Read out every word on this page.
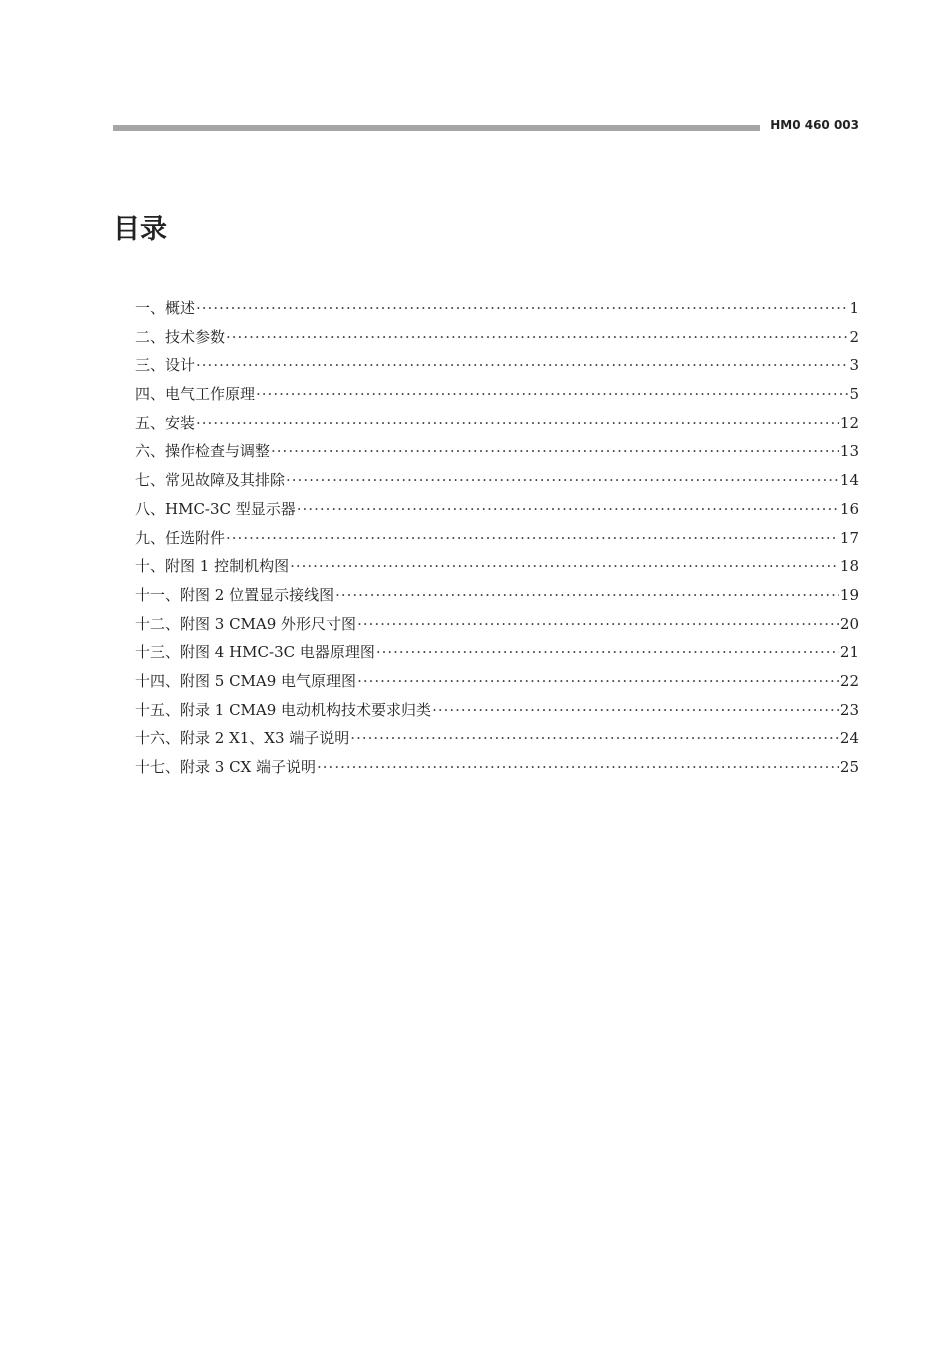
HM0 460 003
目录
一、概述 ·····	1
二、技术参数 ·····	2
三、设计 ·····	3
四、电气工作原理 ·····	5
五、安装 ·····	12
六、操作检查与调整 ·····	13
七、常见故障及其排除 ·····	14
八、HMC-3C 型显示器 ·····	16
九、任选附件 ·····	17
十、附图 1 控制机构图 ·····	18
十一、附图 2 位置显示接线图 ·····	19
十二、附图 3 CMA9 外形尺寸图 ·····	20
十三、附图 4 HMC-3C 电器原理图 ·····	21
十四、附图 5 CMA9 电气原理图 ·····	22
十五、附录 1 CMA9 电动机构技术要求归类 ·····	23
十六、附录 2 X1、X3 端子说明 ·····	24
十七、附录 3 CX 端子说明 ·····	25
